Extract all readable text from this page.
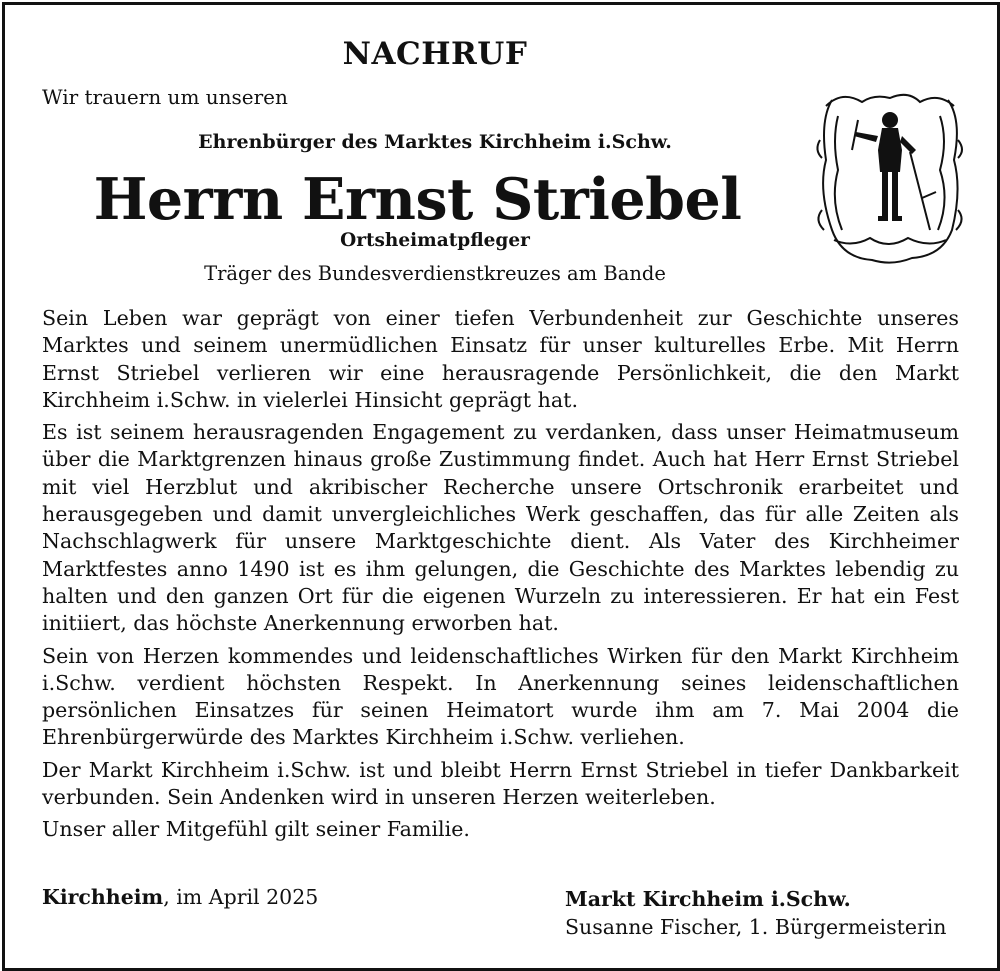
NACHRUF
Wir trauern um unseren
Ehrenbürger des Marktes Kirchheim i.Schw.
Herrn Ernst Striebel
Ortsheimatpfleger
Träger des Bundesverdienstkreuzes am Bande

Sein Leben war geprägt von einer tiefen Verbundenheit zur Geschichte unseres Marktes und seinem unermüdlichen Einsatz für unser kulturelles Erbe. Mit Herrn Ernst Striebel verlieren wir eine herausragende Persönlichkeit, die den Markt Kirchheim i.Schw. in vielerlei Hinsicht geprägt hat.

Es ist seinem herausragenden Engagement zu verdanken, dass unser Heimatmuseum über die Marktgrenzen hinaus große Zustimmung findet. Auch hat Herr Ernst Striebel mit viel Herzblut und akribischer Recherche unsere Ortschronik erarbeitet und herausgegeben und damit unvergleichliches Werk geschaffen, das für alle Zeiten als Nachschlagwerk für unsere Marktgeschichte dient. Als Vater des Kirchheimer Marktfestes anno 1490 ist es ihm gelungen, die Geschichte des Marktes lebendig zu halten und den ganzen Ort für die eigenen Wurzeln zu interessieren. Er hat ein Fest initiiert, das höchste Anerkennung erworben hat.

Sein von Herzen kommendes und leidenschaftliches Wirken für den Markt Kirchheim i.Schw. verdient höchsten Respekt. In Anerkennung seines leidenschaftlichen persönlichen Einsatzes für seinen Heimatort wurde ihm am 7. Mai 2004 die Ehrenbürgerwürde des Marktes Kirchheim i.Schw. verliehen.

Der Markt Kirchheim i.Schw. ist und bleibt Herrn Ernst Striebel in tiefer Dankbarkeit verbunden. Sein Andenken wird in unseren Herzen weiterleben.

Unser aller Mitgefühl gilt seiner Familie.

Kirchheim, im April 2025	Markt Kirchheim i.Schw.
Susanne Fischer, 1. Bürgermeisterin
